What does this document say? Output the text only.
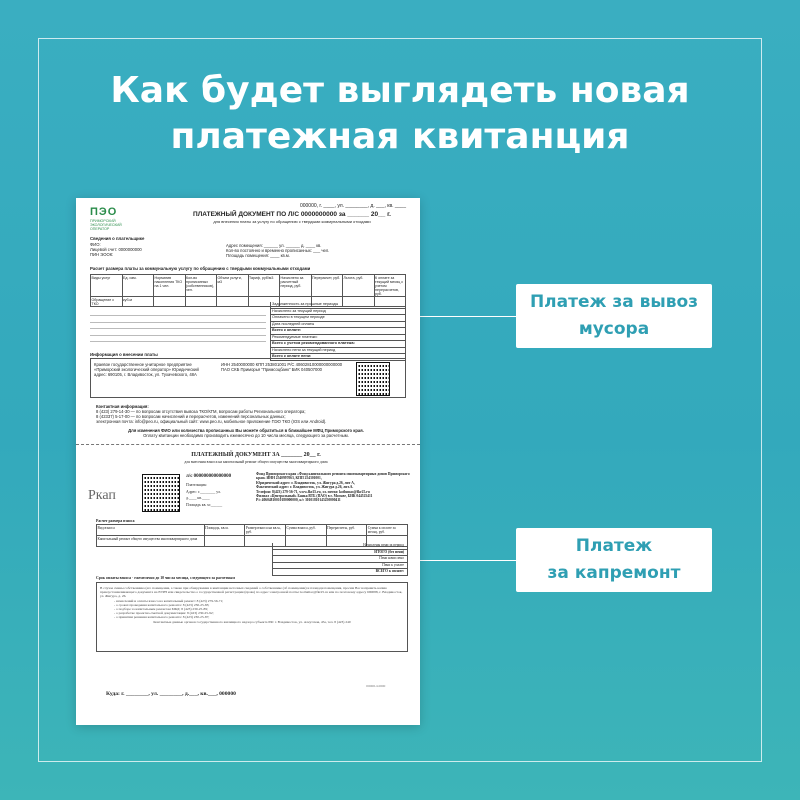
Как будет выглядеть новая
платежная квитанция
Платеж за вывоз
мусора
Платеж
за капремонт
ПЭО
ПРИМОРСКИЙ ЭКОЛОГИЧЕСКИЙ ОПЕРАТОР
000000, г. ____, ул. ________, д. ___, кв. ____
ПЛАТЕЖНЫЙ ДОКУМЕНТ ПО Л/С 0000000000 за ______ 20__ г.
для внесения платы за услугу по обращению с твердыми коммунальными отходами
Сведения о плательщике
ФИО:
Лицевой счет: 0000000000
ПИН ЭООК:
Адрес помещения: ______ ул. ______ д. ____ кв.
Кол-во постоянно и временно прописанных: ___ чел.
Площадь помещения: ____ кв.м.
Расчет размера платы за коммунальную услугу по обращению с твердыми коммунальными отходами
Виды услуг	Ед. изм.	Норматив накопления ТКО на 1 чел.	Кол-во прописанных (собственников), чел.	Объем услуги, м3	Тариф, руб/м3	Начислено за расчетный период, руб.	Перерасчет, руб.	Льгота, руб.	К оплате за текущий месяц с учетом перерасчетов, руб.
Обращение с ТКО	куб.м								
Задолженность за прошлые периоды
Начислено за текущий период
Оплачено в текущем периоде
Дата последней оплаты
Всего к оплате:
Рекомендуемые платежи:
Всего с учетом рекомендованного платежа:
Начислено пени за текущий период
Всего к оплате пени:
Информация о внесении платы
Краевое государственное унитарное предприятие «Приморский экологический оператор» Юридический адрес: 690105, г. Владивосток, ул. Тухачевского, 48А
ИНН 2540000000 КПП 253801001 Р/С 40602810000000000000 ПАО СКБ Приморья "Примсоцбанк" БИК 040507000
Контактная информация:
8 (423) 279-14-30 — по вопросам отсутствия вывоза ТКО/КГМ, вопросам работы Регионального оператора;
8 (42337) 5-17-00 — по вопросам начислений и перерасчетов, изменений персональных данных;
электронная почта: info@peo.ru, официальный сайт: www.peo.ru, мобильное приложение ПЭО ТКО (IOS или Android).
Для изменения ФИО или количества прописанных Вы можете обратиться в ближайшее МФЦ Приморского края.
Оплату квитанции необходимо производить ежемесячно до 10 числа месяца, следующего за расчетным.
ПЛАТЕЖНЫЙ ДОКУМЕНТ ЗА _______ 20__ г.
для внесения взноса на капитальный ремонт общего имущества многоквартирного дома
Ркап
л/с 000000000000000
Плательщик:
Адрес: г.________ ул.
д.____ кв.____
Площадь кв. м:______
Фонд Приморского края «Фонд капитального ремонта многоквартирных домов Приморского края» ИНН 2540997063, КПП 254301001,
Юридический адрес: г. Владивосток, ул. Жигура д.26, лит А,
Фактический адрес: г. Владивосток, ул. Жигура д.26, лит.А.
Телефон: 8(423) 279-56-71, www.fkr25.ru, эл. почта: kotlumac@fkr25.ru
Филиал «Центральный» Банка ВТБ (ПАО) в г. Москве, БИК 044525411
Р/с 40604810010180000000, к/с 30101810145250000411
Расчет размера взноса
Вид взноса	Площадь, кв.м.	Размер взноса на кв.м., руб.	Сумма взноса, руб.	Перерасчеты, руб.	Сумма к оплате за месяц, руб.
Капитальный ремонт общего имущества многоквартирного дома					
Начислены пени за период
ИТОГО (без пени)
Пени начислено
Пени к уплате
ВСЕГО к оплате:
Срок оплаты взноса - ежемесячно до 10 числа месяца, следующего за расчетным
В случае смены собственника (его помещения, а также при обнаружении в квитанции неточных сведений о собственнике (об помещении) и площади помещения, просим Вас направить копию правоустанавливающего документа на ЕГРН или свидетельство о государственной регистрации (права) по адрес электронной почты: kotlumac@fkr25.ru или по почтовому адресу 690088, г. Владивосток, ул. Жигура, д. 26.
- начислений и оплаты взноса на капитальный ремонт: 8 (423) 279-56-71;
- о сроках проведения капитального ремонта: 8 (423) 230-25-83;
- о подборе за капитальным ремонтом МКД: 8 (423) 230-25-89;
- о разработке проектно-сметной документации: 8 (423) 230-25-92;
- о принятии решения капитального ремонта: 8 (423) 230-25-87;
Контактные данные органов государственного жилищного надзора субъекта РФ: г. Владивосток, ул. Алеутская, 45а, тел. 8 (423) 240
О0000-4-0000
Куда: г. ________, ул. ________, д.___, кв.___, 000000
